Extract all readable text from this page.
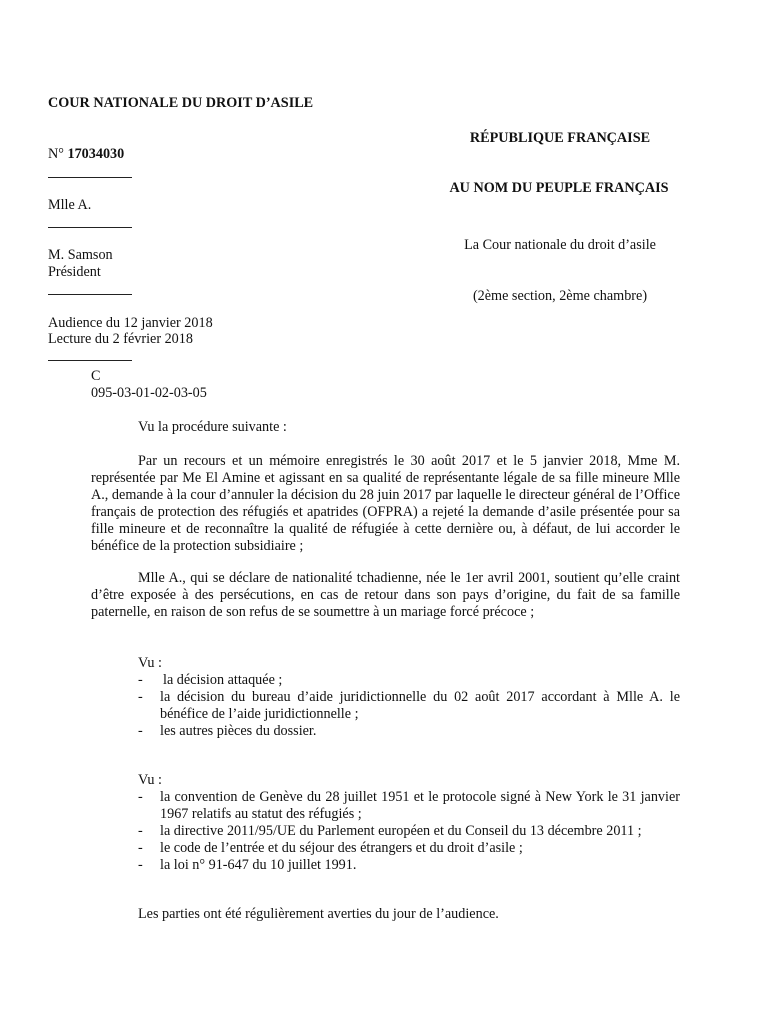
COUR NATIONALE DU DROIT D’ASILE
N° 17034030
Mlle A.
M. Samson
Président
Audience du 12 janvier 2018
Lecture du 2 février 2018
C
095-03-01-02-03-05
RÉPUBLIQUE FRANÇAISE
AU NOM DU PEUPLE FRANÇAIS
La Cour nationale du droit d’asile
(2ème section, 2ème chambre)
Vu la procédure suivante :

Par un recours et un mémoire enregistrés le 30 août 2017 et le 5 janvier 2018, Mme M. représentée par Me El Amine et agissant en sa qualité de représentante légale de sa fille mineure Mlle A., demande à la cour d’annuler la décision du 28 juin 2017 par laquelle le directeur général de l’Office français de protection des réfugiés et apatrides (OFPRA) a rejeté la demande d’asile présentée pour sa fille mineure et de reconnaître la qualité de réfugiée à cette dernière ou, à défaut, de lui accorder le bénéfice de la protection subsidiaire ;

Mlle A., qui se déclare de nationalité tchadienne, née le 1er avril 2001, soutient qu’elle craint d’être exposée à des persécutions, en cas de retour dans son pays d’origine, du fait de sa famille paternelle, en raison de son refus de se soumettre à un mariage forcé précoce ;

Vu :
- la décision attaquée ;
- la décision du bureau d’aide juridictionnelle du 02 août 2017 accordant à Mlle A. le bénéfice de l’aide juridictionnelle ;
- les autres pièces du dossier.
Vu :
- la convention de Genève du 28 juillet 1951 et le protocole signé à New York le 31 janvier 1967 relatifs au statut des réfugiés ;
- la directive 2011/95/UE du Parlement européen et du Conseil du 13 décembre 2011 ;
- le code de l’entrée et du séjour des étrangers et du droit d’asile ;
- la loi n° 91-647 du 10 juillet 1991.
Les parties ont été régulièrement averties du jour de l’audience.
